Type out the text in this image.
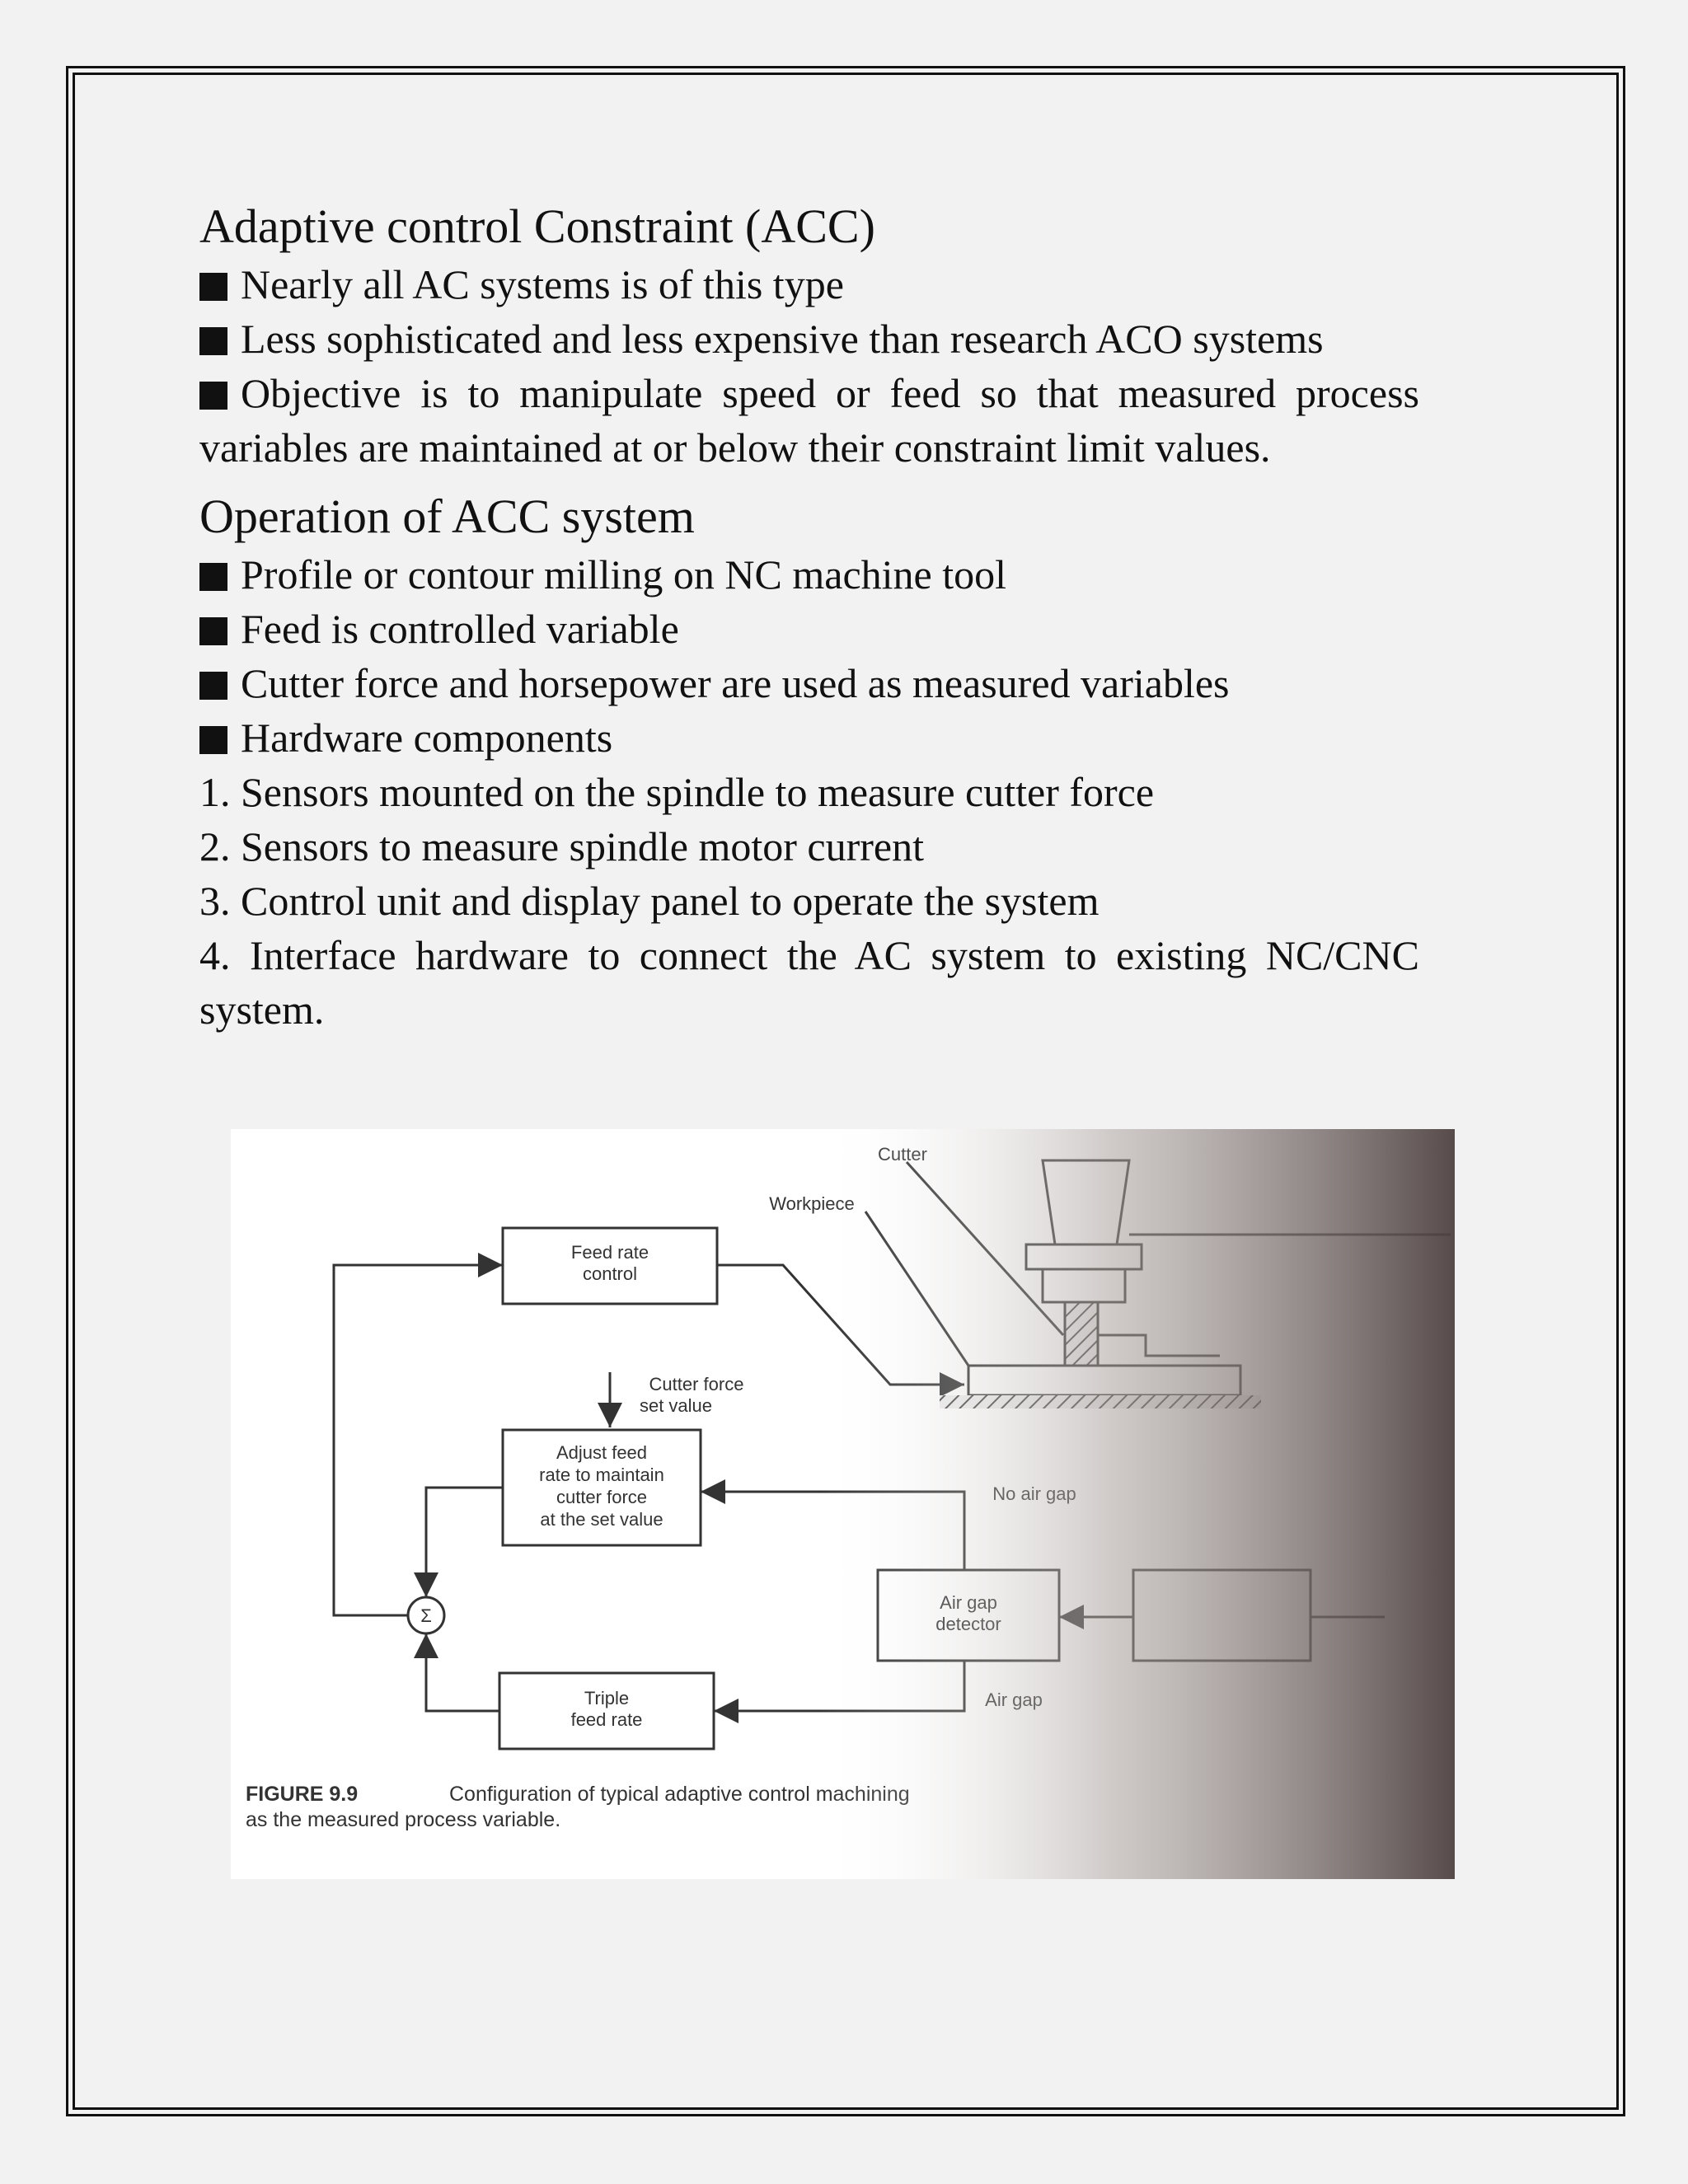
Adaptive control Constraint (ACC)

Nearly all AC systems is of this type

Less sophisticated and less expensive than research ACO systems

Objective is to manipulate speed or feed so that measured process variables are maintained at or below their constraint limit values.

Operation of ACC system

Profile or contour milling on NC machine tool

Feed is controlled variable

Cutter force and horsepower are used as measured variables

Hardware components

1. Sensors mounted on the spindle to measure cutter force

2. Sensors to measure spindle motor current

3. Control unit and display panel to operate the system

4. Interface hardware to connect the AC system to existing NC/CNC system.
